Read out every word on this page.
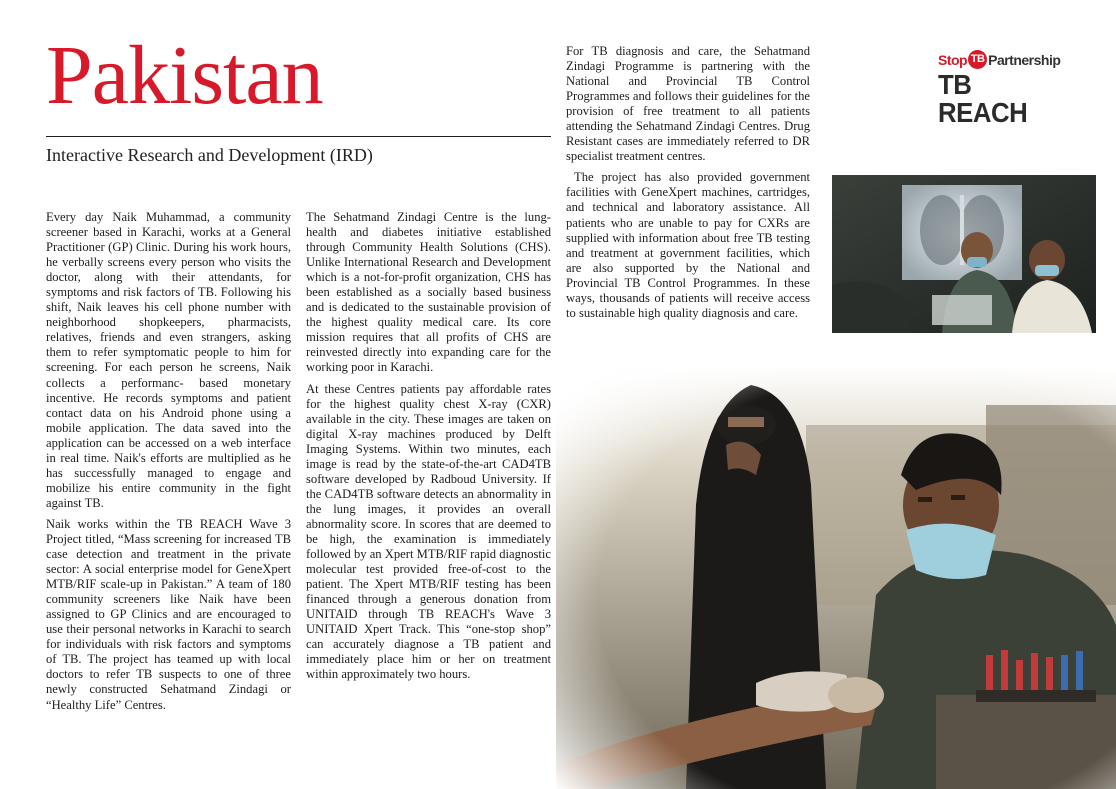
Pakistan
Interactive Research and Development (IRD)

Every day Naik Muhammad, a community screener based in Karachi, works at a General Practitioner (GP) Clinic. During his work hours, he verbally screens every person who visits the doctor, along with their attendants, for symptoms and risk factors of TB. Following his shift, Naik leaves his cell phone number with neighborhood shopkeepers, pharmacists, relatives, friends and even strangers, asking them to refer symptomatic people to him for screening. For each person he screens, Naik collects a performanc- based monetary incentive. He records symptoms and patient contact data on his Android phone using a mobile application. The data saved into the application can be accessed on a web interface in real time. Naik's efforts are multiplied as he has successfully managed to engage and mobilize his entire community in the fight against TB.

Naik works within the TB REACH Wave 3 Project titled, “Mass screening for increased TB case detection and treatment in the private sector: A social enterprise model for GeneXpert MTB/RIF scale-up in Pakistan.” A team of 180 community screeners like Naik have been assigned to GP Clinics and are encouraged to use their personal networks in Karachi to search for individuals with risk factors and symptoms of TB. The project has teamed up with local doctors to refer TB suspects to one of three newly constructed Sehatmand Zindagi or “Healthy Life” Centres.

The Sehatmand Zindagi Centre is the lung-health and diabetes initiative established through Community Health Solutions (CHS). Unlike International Research and Development which is a not-for-profit organization, CHS has been established as a socially based business and is dedicated to the sustainable provision of the highest quality medical care. Its core mission requires that all profits of CHS are reinvested directly into expanding care for the working poor in Karachi.

At these Centres patients pay affordable rates for the highest quality chest X-ray (CXR) available in the city. These images are taken on digital X-ray machines produced by Delft Imaging Systems. Within two minutes, each image is read by the state-of-the-art CAD4TB software developed by Radboud University. If the CAD4TB software detects an abnormality in the lung images, it provides an overall abnormality score. In scores that are deemed to be high, the examination is immediately followed by an Xpert MTB/RIF rapid diagnostic molecular test provided free-of-cost to the patient. The Xpert MTB/RIF testing has been financed through a generous donation from UNITAID through TB REACH's Wave 3 UNITAID Xpert Track. This “one-stop shop” can accurately diagnose a TB patient and immediately place him or her on treatment within approximately two hours.

For TB diagnosis and care, the Sehatmand Zindagi Programme is partnering with the National and Provincial TB Control Programmes and follows their guidelines for the provision of free treatment to all patients attending the Sehatmand Zindagi Centres. Drug Resistant cases are immediately referred to DR specialist treatment centres.

The project has also provided government facilities with GeneXpert machines, cartridges, and technical and laboratory assistance. All patients who are unable to pay for CXRs are supplied with information about free TB testing and treatment at government facilities, which are also supported by the National and Provincial TB Control Programmes. In these ways, thousands of patients will receive access to sustainable high quality diagnosis and care.

Stop TB Partnership
TB REACH
